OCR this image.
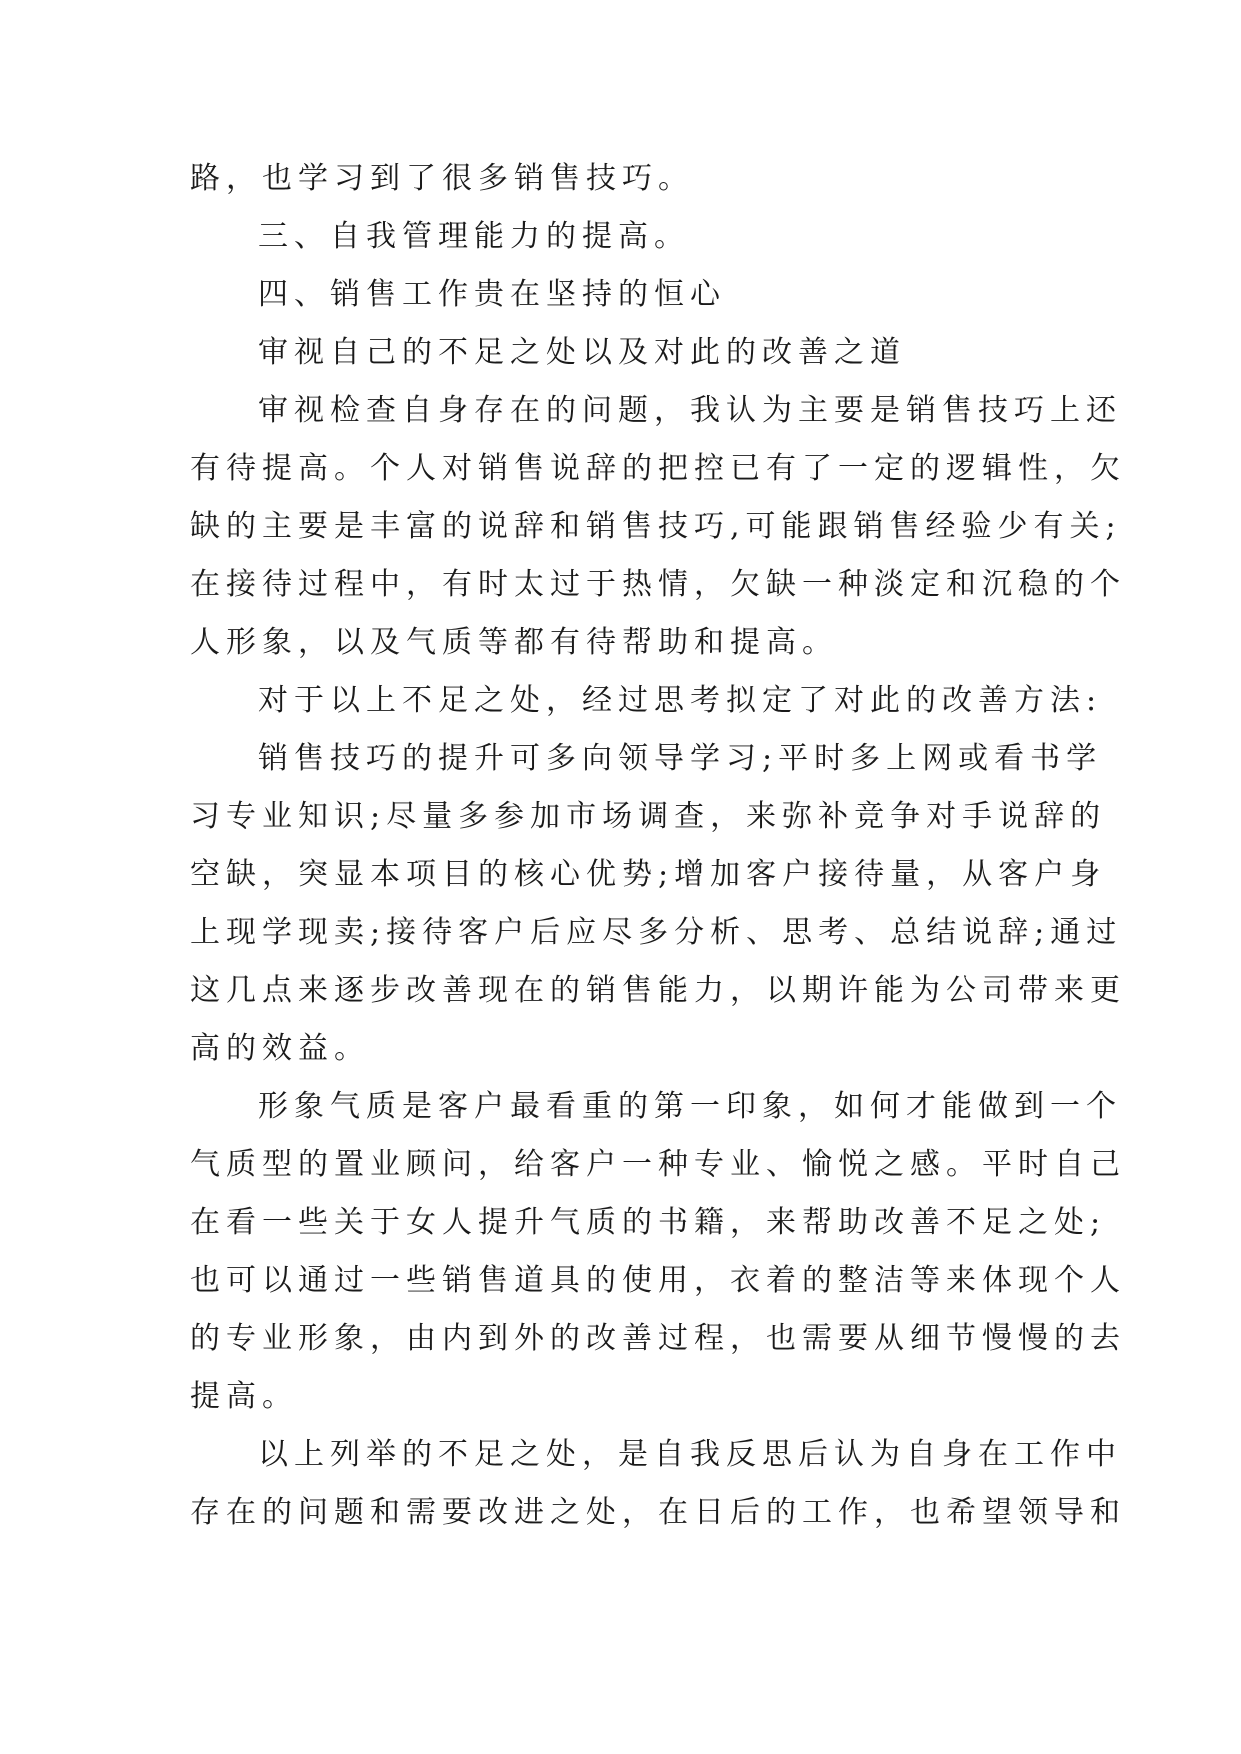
路，也学习到了很多销售技巧。
三、自我管理能力的提高。
四、销售工作贵在坚持的恒心
审视自己的不足之处以及对此的改善之道
审视检查自身存在的问题，我认为主要是销售技巧上还
有待提高。个人对销售说辞的把控已有了一定的逻辑性，欠
缺的主要是丰富的说辞和销售技巧,可能跟销售经验少有关;
在接待过程中，有时太过于热情，欠缺一种淡定和沉稳的个
人形象，以及气质等都有待帮助和提高。
对于以上不足之处，经过思考拟定了对此的改善方法:
销售技巧的提升可多向领导学习;平时多上网或看书学
习专业知识;尽量多参加市场调查，来弥补竞争对手说辞的
空缺，突显本项目的核心优势;增加客户接待量，从客户身
上现学现卖;接待客户后应尽多分析、思考、总结说辞;通过
这几点来逐步改善现在的销售能力，以期许能为公司带来更
高的效益。
形象气质是客户最看重的第一印象，如何才能做到一个
气质型的置业顾问，给客户一种专业、愉悦之感。平时自己
在看一些关于女人提升气质的书籍，来帮助改善不足之处;
也可以通过一些销售道具的使用，衣着的整洁等来体现个人
的专业形象，由内到外的改善过程，也需要从细节慢慢的去
提高。
以上列举的不足之处，是自我反思后认为自身在工作中
存在的问题和需要改进之处，在日后的工作，也希望领导和
